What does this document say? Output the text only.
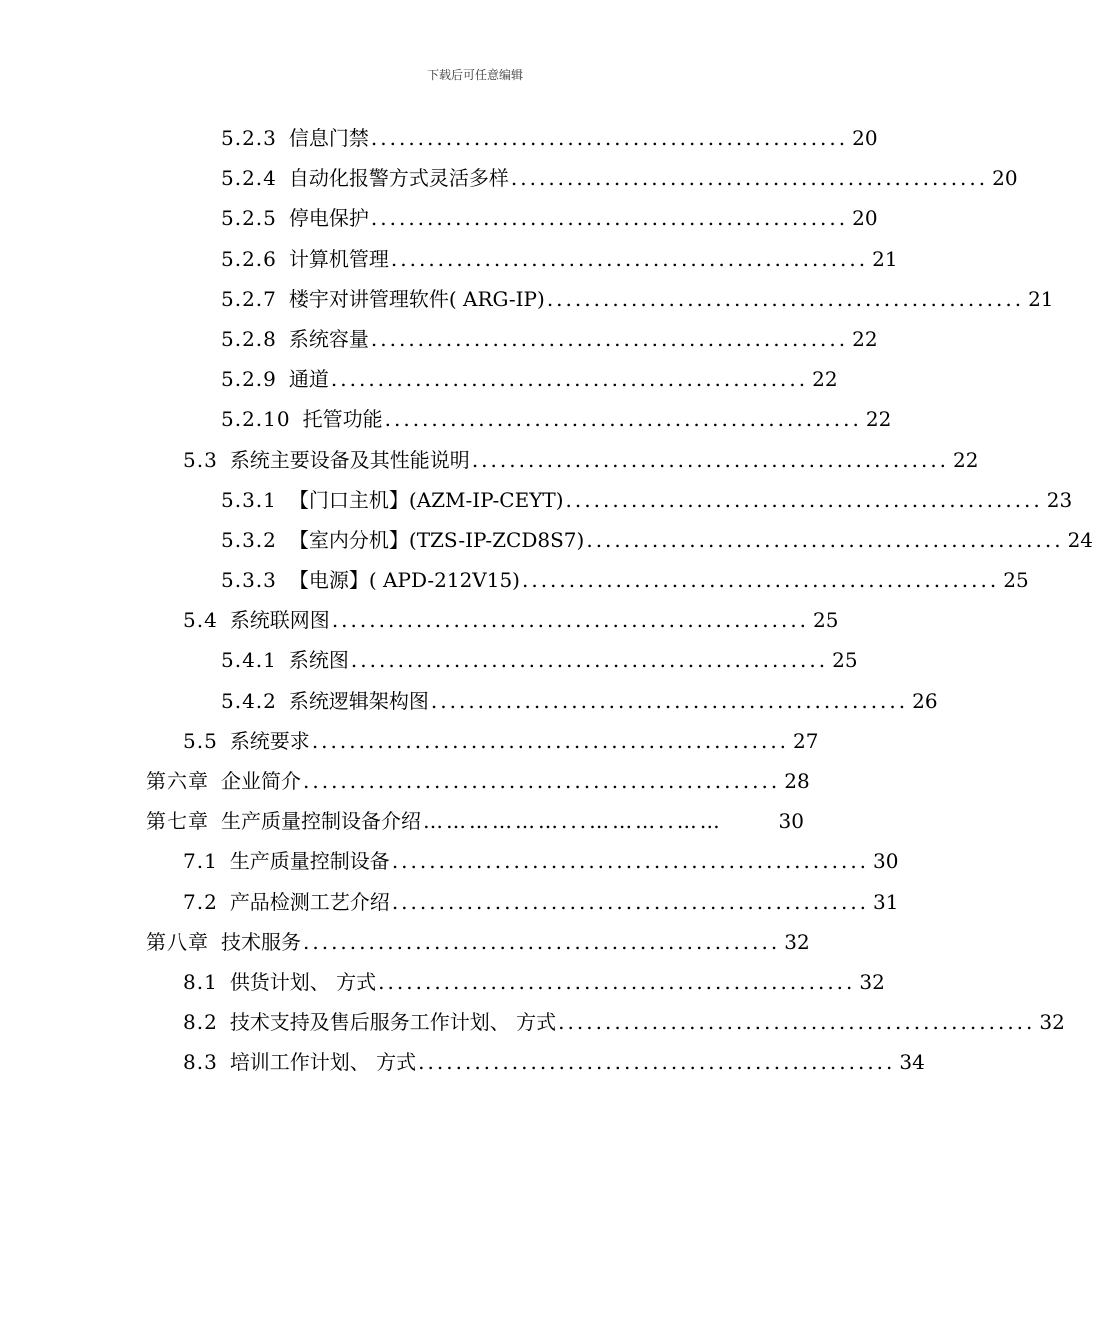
下载后可任意编辑
5.2.3 信息门禁 ................................................... 20
5.2.4 自动化报警方式灵活多样 ................................................... 20
5.2.5 停电保护 ................................................... 20
5.2.6 计算机管理 ................................................... 21
5.2.7 楼宇对讲管理软件( ARG-IP) ................................................... 21
5.2.8 系统容量 ................................................... 22
5.2.9 通道 ................................................... 22
5.2.10 托管功能 ................................................... 22
5.3 系统主要设备及其性能说明 ................................................... 22
5.3.1 【门口主机】(AZM-IP-CEYT) ................................................... 23
5.3.2 【室内分机】(TZS-IP-ZCD8S7) ................................................... 24
5.3.3 【电源】( APD-212V15) ................................................... 25
5.4 系统联网图 ................................................... 25
5.4.1 系统图 ................................................... 25
5.4.2 系统逻辑架构图 ................................................... 26
5.5 系统要求 ................................................... 27
第六章 企业简介 ................................................... 28
第七章 生产质量控制设备介绍 ………………...………..……	30
7.1 生产质量控制设备 ................................................... 30
7.2 产品检测工艺介绍 ................................................... 31
第八章 技术服务 ................................................... 32
8.1 供货计划、 方式 ................................................... 32
8.2 技术支持及售后服务工作计划、 方式 ................................................... 32
8.3 培训工作计划、 方式 ................................................... 34
